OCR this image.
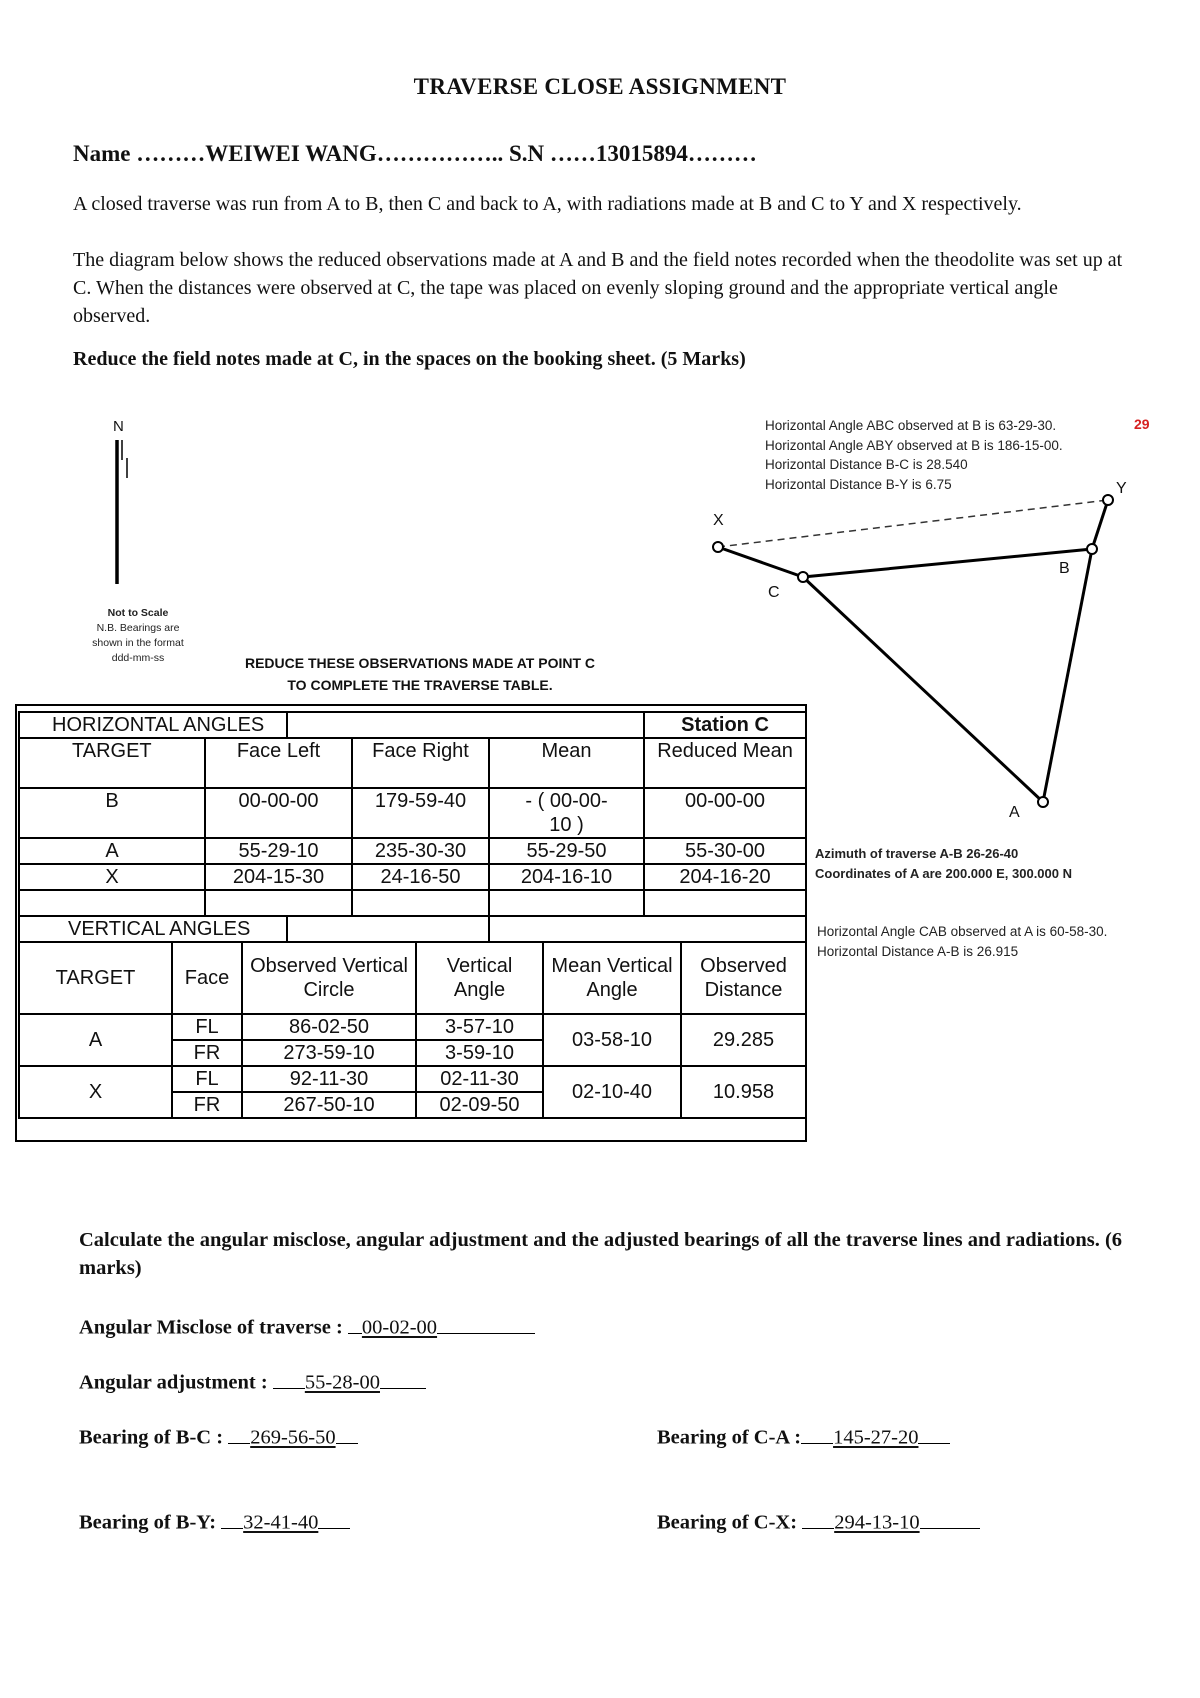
TRAVERSE CLOSE ASSIGNMENT
Name ………WEIWEI WANG…………….. S.N ……13015894………
A closed traverse was run from A to B, then C and back to A, with radiations made at B and C to Y and X respectively.
The diagram below shows the reduced observations made at A and B and the field notes recorded when the theodolite was set up at C. When the distances were observed at C, the tape was placed on evenly sloping ground and the appropriate vertical angle observed.
Reduce the field notes made at C, in the spaces on the booking sheet. (5 Marks)
N
Not to Scale
N.B. Bearings are
shown in the format
ddd-mm-ss	REDUCE THESE OBSERVATIONS MADE AT POINT C
TO COMPLETE THE TRAVERSE TABLE.
X
Y
B
C
A
Horizontal Angle ABC observed at B is 63-29-30.
Horizontal Angle ABY observed at B is 186-15-00.
Horizontal Distance B-C is 28.540
Horizontal Distance B-Y is 6.75
29
Azimuth of traverse A-B 26-26-40
Coordinates of A are 200.000 E, 300.000 N
Horizontal Angle CAB observed at A is 60-58-30.
Horizontal Distance A-B is 26.915
HORIZONTAL ANGLES					Station C
TARGET	Face Left		Face Right	Mean	Reduced Mean
B	00-00-00		179-59-40	- ( 00-00-10 )	00-00-00
A	55-29-10		235-30-30	55-29-50	55-30-00
X	204-15-30		24-16-50	204-16-10	204-16-20

VERTICAL ANGLES					
TARGET	Face	Observed Vertical Circle	Vertical Angle	Mean Vertical Angle	Observed Distance
A	FL	86-02-50	3-57-10	03-58-10	29.285
	FR	273-59-10	3-59-10		
X	FL	92-11-30	02-11-30	02-10-40	10.958
	FR	267-50-10	02-09-50		
Calculate the angular misclose, angular adjustment and the adjusted bearings of all the traverse lines and radiations. (6 marks)
Angular Misclose of traverse : 00-02-00
Angular adjustment : 55-28-00
Bearing of B-C : 269-56-50	Bearing of C-A : 145-27-20
Bearing of B-Y: 32-41-40	Bearing of C-X: 294-13-10
